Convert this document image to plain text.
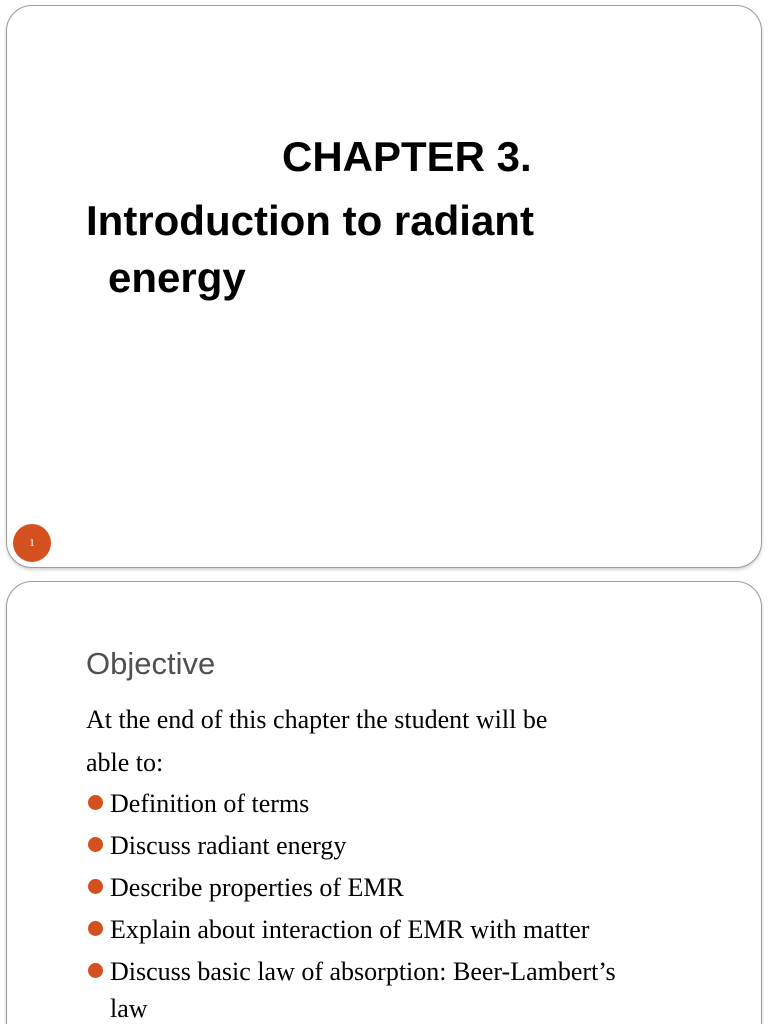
CHAPTER 3.
Introduction to radiant
energy
1
Objective
At the end of this chapter the student will be
able to:
Definition of terms
Discuss radiant energy
Describe properties of EMR
Explain about interaction of EMR with matter
Discuss basic law of absorption: Beer-Lambert’s
law
